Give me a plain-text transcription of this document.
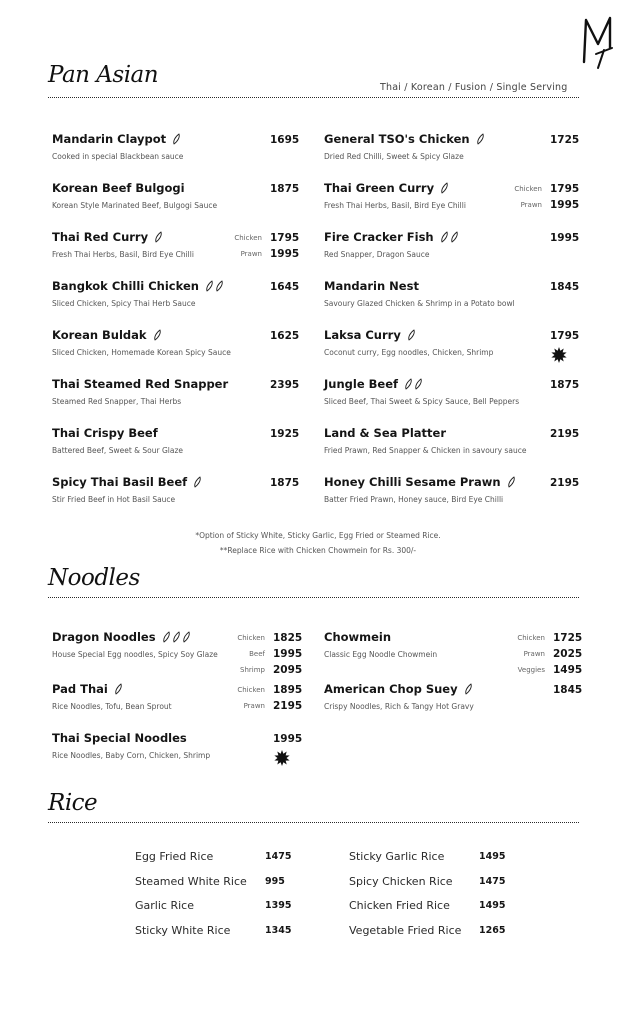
Pan Asian	Thai / Korean / Fusion / Single Serving
Mandarin Claypot
Cooked in special Blackbean sauce
1695
Korean Beef Bulgogi
Korean Style Marinated Beef, Bulgogi Sauce
1875
Thai Red Curry
Fresh Thai Herbs, Basil, Bird Eye Chilli
Chicken 1795
Prawn 1995
Bangkok Chilli Chicken
Sliced Chicken, Spicy Thai Herb Sauce
1645
Korean Buldak
Sliced Chicken, Homemade Korean Spicy Sauce
1625
Thai Steamed Red Snapper
Steamed Red Snapper, Thai Herbs
2395
Thai Crispy Beef
Battered Beef, Sweet & Sour Glaze
1925
Spicy Thai Basil Beef
Stir Fried Beef in Hot Basil Sauce
1875
General TSO's Chicken
Dried Red Chilli, Sweet & Spicy Glaze
1725
Thai Green Curry
Fresh Thai Herbs, Basil, Bird Eye Chilli
Chicken 1795
Prawn 1995
Fire Cracker Fish
Red Snapper, Dragon Sauce
1995
Mandarin Nest
Savoury Glazed Chicken & Shrimp in a Potato bowl
1845
Laksa Curry
Coconut curry, Egg noodles, Chicken, Shrimp
1795
Jungle Beef
Sliced Beef, Thai Sweet & Spicy Sauce, Bell Peppers
1875
Land & Sea Platter
Fried Prawn, Red Snapper & Chicken in savoury sauce
2195
Honey Chilli Sesame Prawn
Batter Fried Prawn, Honey sauce, Bird Eye Chilli
2195
*Option of Sticky White, Sticky Garlic, Egg Fried or Steamed Rice.
**Replace Rice with Chicken Chowmein for Rs. 300/-
Noodles
Dragon Noodles
House Special Egg noodles, Spicy Soy Glaze
Chicken 1825
Beef 1995
Shrimp 2095
Pad Thai
Rice Noodles, Tofu, Bean Sprout
Chicken 1895
Prawn 2195
Thai Special Noodles
Rice Noodles, Baby Corn, Chicken, Shrimp
1995
Chowmein
Classic Egg Noodle Chowmein
Chicken 1725
Prawn 2025
Veggies 1495
American Chop Suey
Crispy Noodles, Rich & Tangy Hot Gravy
1845
Rice
Egg Fried Rice	1475
Steamed White Rice 995
Garlic Rice	1395
Sticky White Rice	1345
Sticky Garlic Rice	1495
Spicy Chicken Rice	1475
Chicken Fried Rice	1495
Vegetable Fried Rice 1265
